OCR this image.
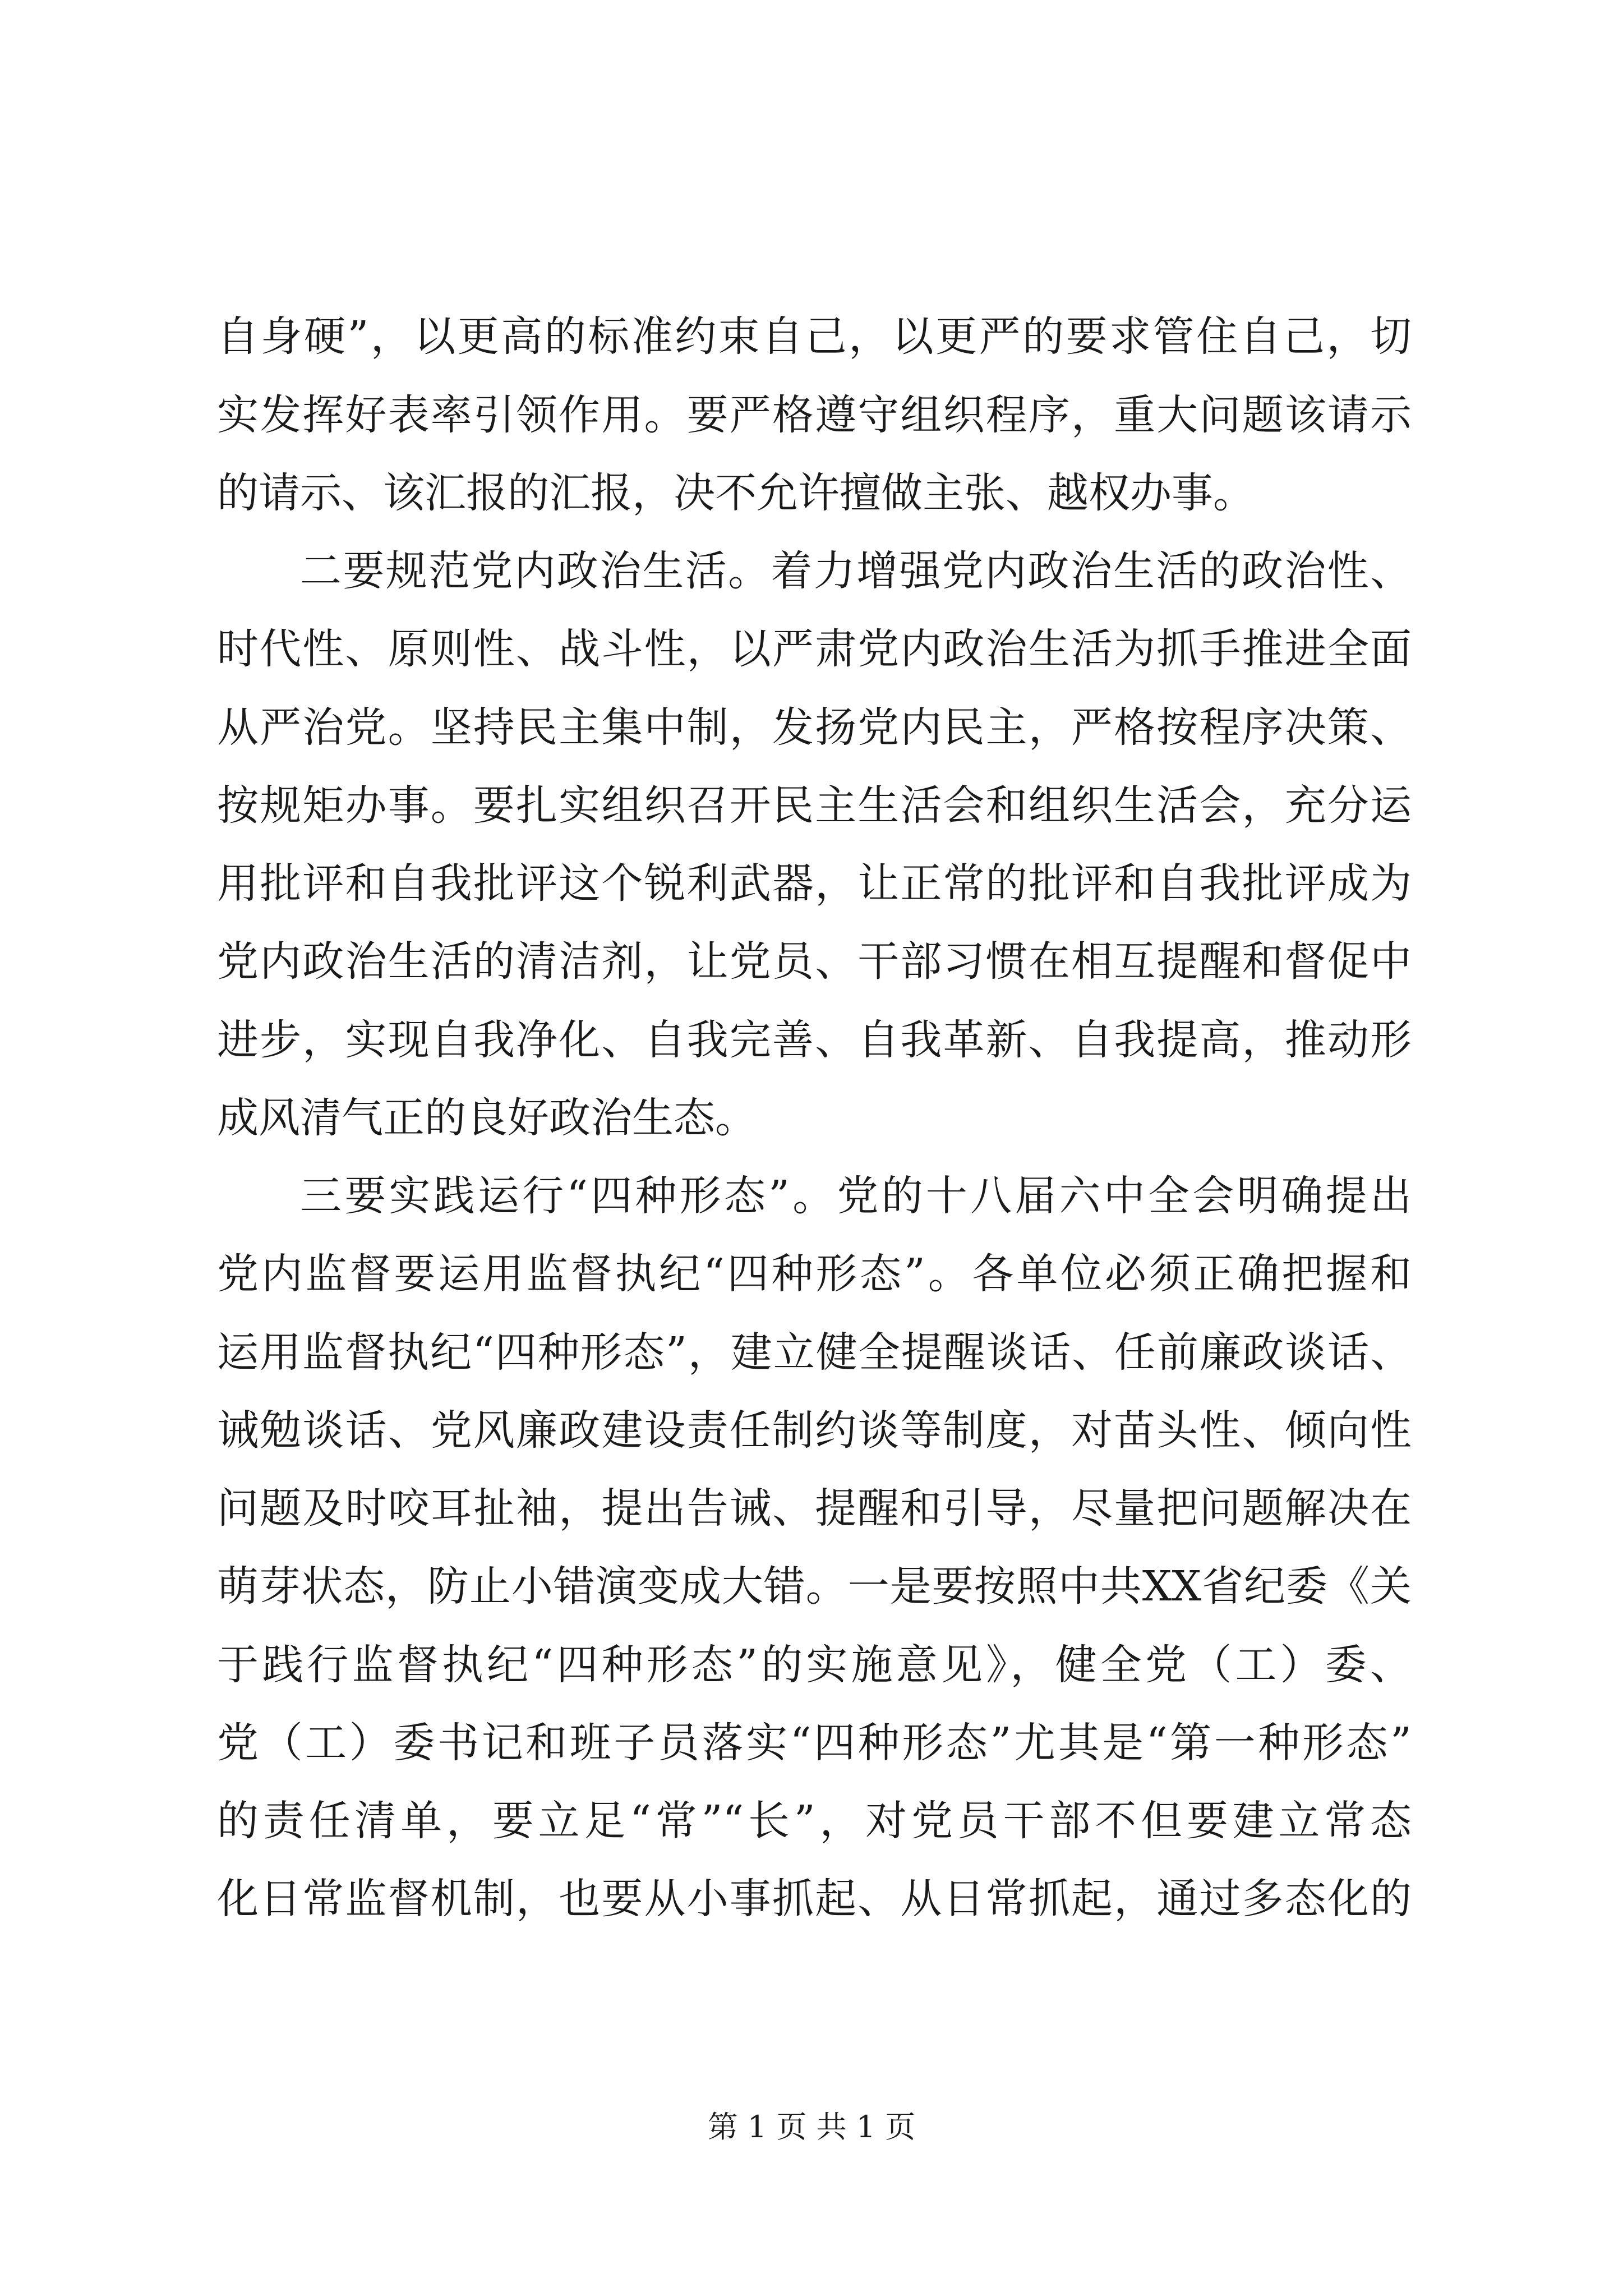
自身硬”，以更高的标准约束自己，以更严的要求管住自己，切
实发挥好表率引领作用。要严格遵守组织程序，重大问题该请示
的请示、该汇报的汇报，决不允许擅做主张、越权办事。
二要规范党内政治生活。着力增强党内政治生活的政治性、
时代性、原则性、战斗性，以严肃党内政治生活为抓手推进全面
从严治党。坚持民主集中制，发扬党内民主，严格按程序决策、
按规矩办事。要扎实组织召开民主生活会和组织生活会，充分运
用批评和自我批评这个锐利武器，让正常的批评和自我批评成为
党内政治生活的清洁剂，让党员、干部习惯在相互提醒和督促中
进步，实现自我净化、自我完善、自我革新、自我提高，推动形
成风清气正的良好政治生态。
三要实践运行“四种形态”。党的十八届六中全会明确提出
党内监督要运用监督执纪“四种形态”。各单位必须正确把握和
运用监督执纪“四种形态”，建立健全提醒谈话、任前廉政谈话、
诫勉谈话、党风廉政建设责任制约谈等制度，对苗头性、倾向性
问题及时咬耳扯袖，提出告诫、提醒和引导，尽量把问题解决在
萌芽状态，防止小错演变成大错。一是要按照中共XX省纪委《关
于践行监督执纪“四种形态”的实施意见》，健全党（工）委、
党（工）委书记和班子员落实“四种形态”尤其是“第一种形态”
的责任清单，要立足“常”“长”，对党员干部不但要建立常态
化日常监督机制，也要从小事抓起、从日常抓起，通过多态化的
第 1 页 共 1 页
